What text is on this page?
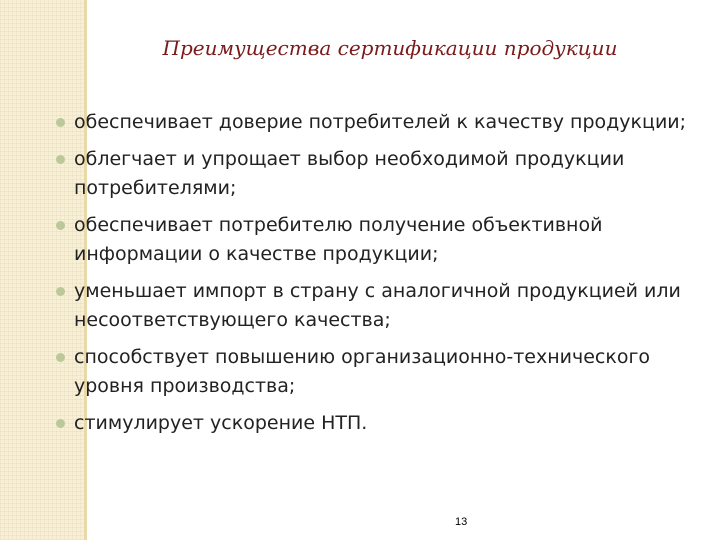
Преимущества сертификации продукции
обеспечивает доверие потребителей к качеству продукции;
облегчает и упрощает выбор необходимой продукции потребителями;
обеспечивает потребителю получение объективной информации о качестве продукции;
уменьшает импорт в страну с аналогичной продукцией или несоответствующего качества;
способствует повышению организационно-технического уровня производства;
стимулирует ускорение НТП.
13
